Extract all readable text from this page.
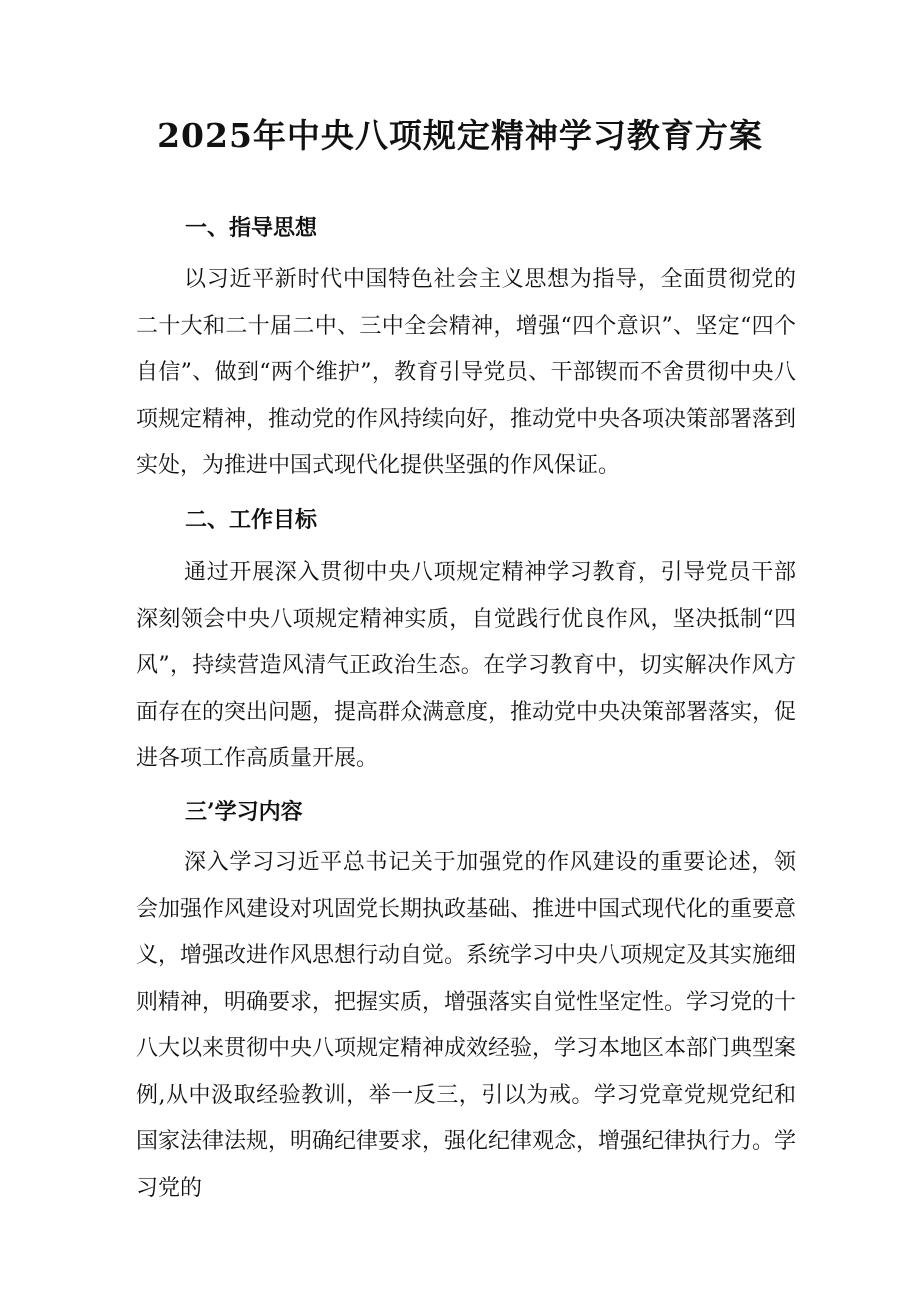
2025年中央八项规定精神学习教育方案
一、指导思想

以习近平新时代中国特色社会主义思想为指导，全面贯彻党的二十大和二十届二中、三中全会精神，增强“四个意识”、坚定“四个自信”、做到“两个维护”，教育引导党员、干部锲而不舍贯彻中央八项规定精神，推动党的作风持续向好，推动党中央各项决策部署落到实处，为推进中国式现代化提供坚强的作风保证。

二、工作目标

通过开展深入贯彻中央八项规定精神学习教育，引导党员干部深刻领会中央八项规定精神实质，自觉践行优良作风，坚决抵制“四风”，持续营造风清气正政治生态。在学习教育中，切实解决作风方面存在的突出问题，提高群众满意度，推动党中央决策部署落实，促进各项工作高质量开展。

三’学习内容

深入学习习近平总书记关于加强党的作风建设的重要论述，领会加强作风建设对巩固党长期执政基础、推进中国式现代化的重要意义，增强改进作风思想行动自觉。系统学习中央八项规定及其实施细则精神，明确要求，把握实质，增强落实自觉性坚定性。学习党的十八大以来贯彻中央八项规定精神成效经验，学习本地区本部门典型案例,从中汲取经验教训，举一反三，引以为戒。学习党章党规党纪和国家法律法规，明确纪律要求，强化纪律观念，增强纪律执行力。学习党的
